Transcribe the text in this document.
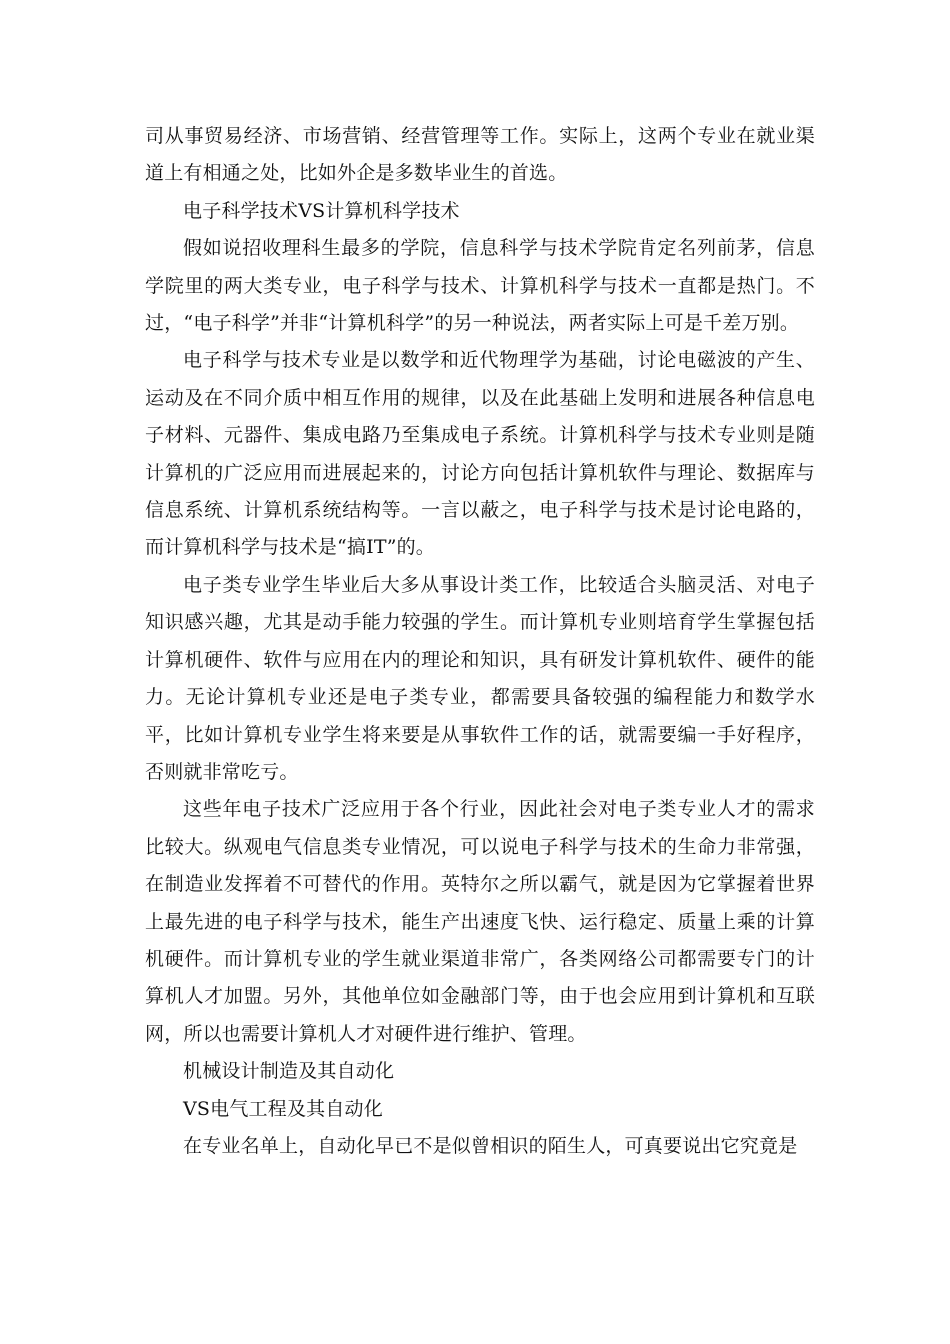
司从事贸易经济、市场营销、经营管理等工作。实际上，这两个专业在就业渠道上有相通之处，比如外企是多数毕业生的首选。

电子科学技术VS计算机科学技术

假如说招收理科生最多的学院，信息科学与技术学院肯定名列前茅，信息学院里的两大类专业，电子科学与技术、计算机科学与技术一直都是热门。不过，“电子科学”并非“计算机科学”的另一种说法，两者实际上可是千差万别。

电子科学与技术专业是以数学和近代物理学为基础，讨论电磁波的产生、运动及在不同介质中相互作用的规律，以及在此基础上发明和进展各种信息电子材料、元器件、集成电路乃至集成电子系统。计算机科学与技术专业则是随计算机的广泛应用而进展起来的，讨论方向包括计算机软件与理论、数据库与信息系统、计算机系统结构等。一言以蔽之，电子科学与技术是讨论电路的，而计算机科学与技术是“搞IT”的。

电子类专业学生毕业后大多从事设计类工作，比较适合头脑灵活、对电子知识感兴趣，尤其是动手能力较强的学生。而计算机专业则培育学生掌握包括计算机硬件、软件与应用在内的理论和知识，具有研发计算机软件、硬件的能力。无论计算机专业还是电子类专业，都需要具备较强的编程能力和数学水平，比如计算机专业学生将来要是从事软件工作的话，就需要编一手好程序，否则就非常吃亏。

这些年电子技术广泛应用于各个行业，因此社会对电子类专业人才的需求比较大。纵观电气信息类专业情况，可以说电子科学与技术的生命力非常强，在制造业发挥着不可替代的作用。英特尔之所以霸气，就是因为它掌握着世界上最先进的电子科学与技术，能生产出速度飞快、运行稳定、质量上乘的计算机硬件。而计算机专业的学生就业渠道非常广，各类网络公司都需要专门的计算机人才加盟。另外，其他单位如金融部门等，由于也会应用到计算机和互联网，所以也需要计算机人才对硬件进行维护、管理。

机械设计制造及其自动化

VS电气工程及其自动化

在专业名单上，自动化早已不是似曾相识的陌生人，可真要说出它究竟是
